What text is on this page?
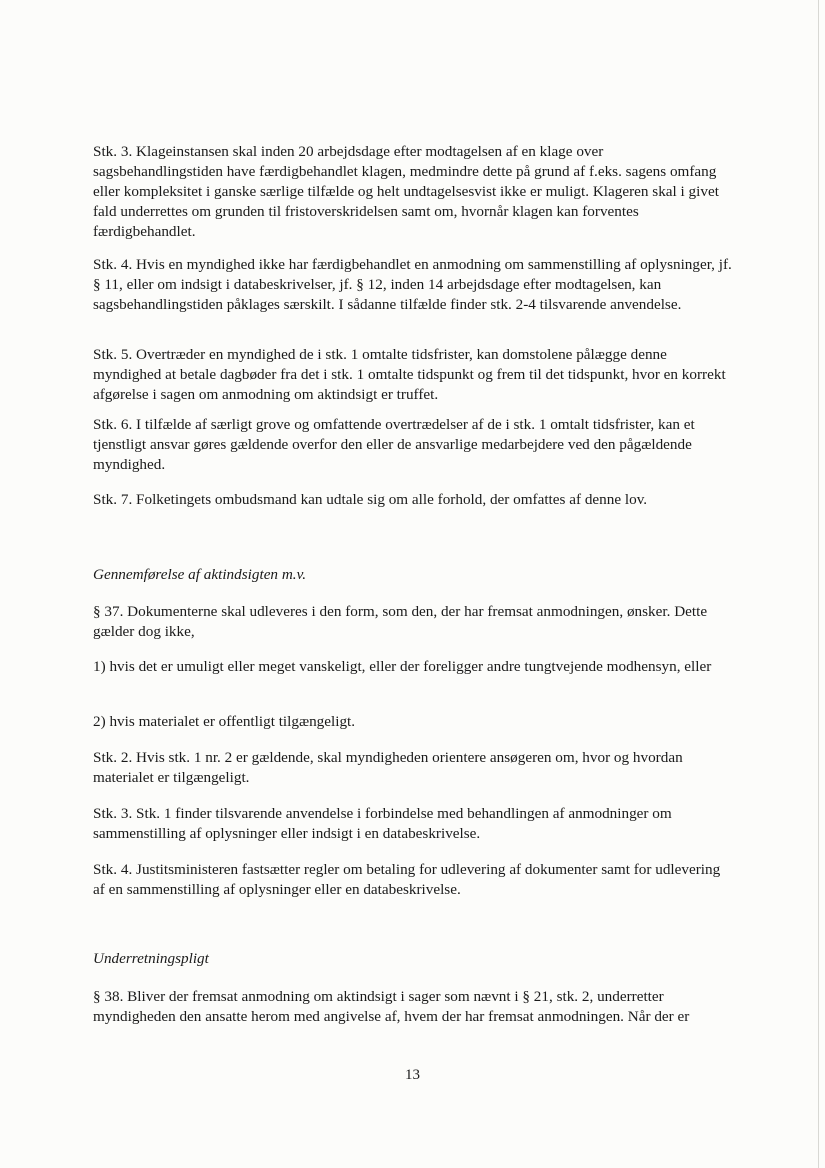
Stk. 3. Klageinstansen skal inden 20 arbejdsdage efter modtagelsen af en klage over sagsbehandlingstiden have færdigbehandlet klagen, medmindre dette på grund af f.eks. sagens omfang eller kompleksitet i ganske særlige tilfælde og helt undtagelsesvist ikke er muligt. Klageren skal i givet fald underrettes om grunden til fristoverskridelsen samt om, hvornår klagen kan forventes færdigbehandlet.

Stk. 4. Hvis en myndighed ikke har færdigbehandlet en anmodning om sammenstilling af oplysninger, jf. § 11, eller om indsigt i databeskrivelser, jf. § 12, inden 14 arbejdsdage efter modtagelsen, kan sagsbehandlingstiden påklages særskilt. I sådanne tilfælde finder stk. 2-4 tilsvarende anvendelse.

Stk. 5. Overtræder en myndighed de i stk. 1 omtalte tidsfrister, kan domstolene pålægge denne myndighed at betale dagbøder fra det i stk. 1 omtalte tidspunkt og frem til det tidspunkt, hvor en korrekt afgørelse i sagen om anmodning om aktindsigt er truffet.

Stk. 6. I tilfælde af særligt grove og omfattende overtrædelser af de i stk. 1 omtalt tidsfrister, kan et tjenstligt ansvar gøres gældende overfor den eller de ansvarlige medarbejdere ved den pågældende myndighed.

Stk. 7. Folketingets ombudsmand kan udtale sig om alle forhold, der omfattes af denne lov.

Gennemførelse af aktindsigten m.v.

§ 37. Dokumenterne skal udleveres i den form, som den, der har fremsat anmodningen, ønsker. Dette gælder dog ikke,

1) hvis det er umuligt eller meget vanskeligt, eller der foreligger andre tungtvejende modhensyn, eller

2) hvis materialet er offentligt tilgængeligt.

Stk. 2. Hvis stk. 1 nr. 2 er gældende, skal myndigheden orientere ansøgeren om, hvor og hvordan materialet er tilgængeligt.

Stk. 3. Stk. 1 finder tilsvarende anvendelse i forbindelse med behandlingen af anmodninger om sammenstilling af oplysninger eller indsigt i en databeskrivelse.

Stk. 4. Justitsministeren fastsætter regler om betaling for udlevering af dokumenter samt for udlevering af en sammenstilling af oplysninger eller en databeskrivelse.

Underretningspligt

§ 38. Bliver der fremsat anmodning om aktindsigt i sager som nævnt i § 21, stk. 2, underretter myndigheden den ansatte herom med angivelse af, hvem der har fremsat anmodningen. Når der er

13
